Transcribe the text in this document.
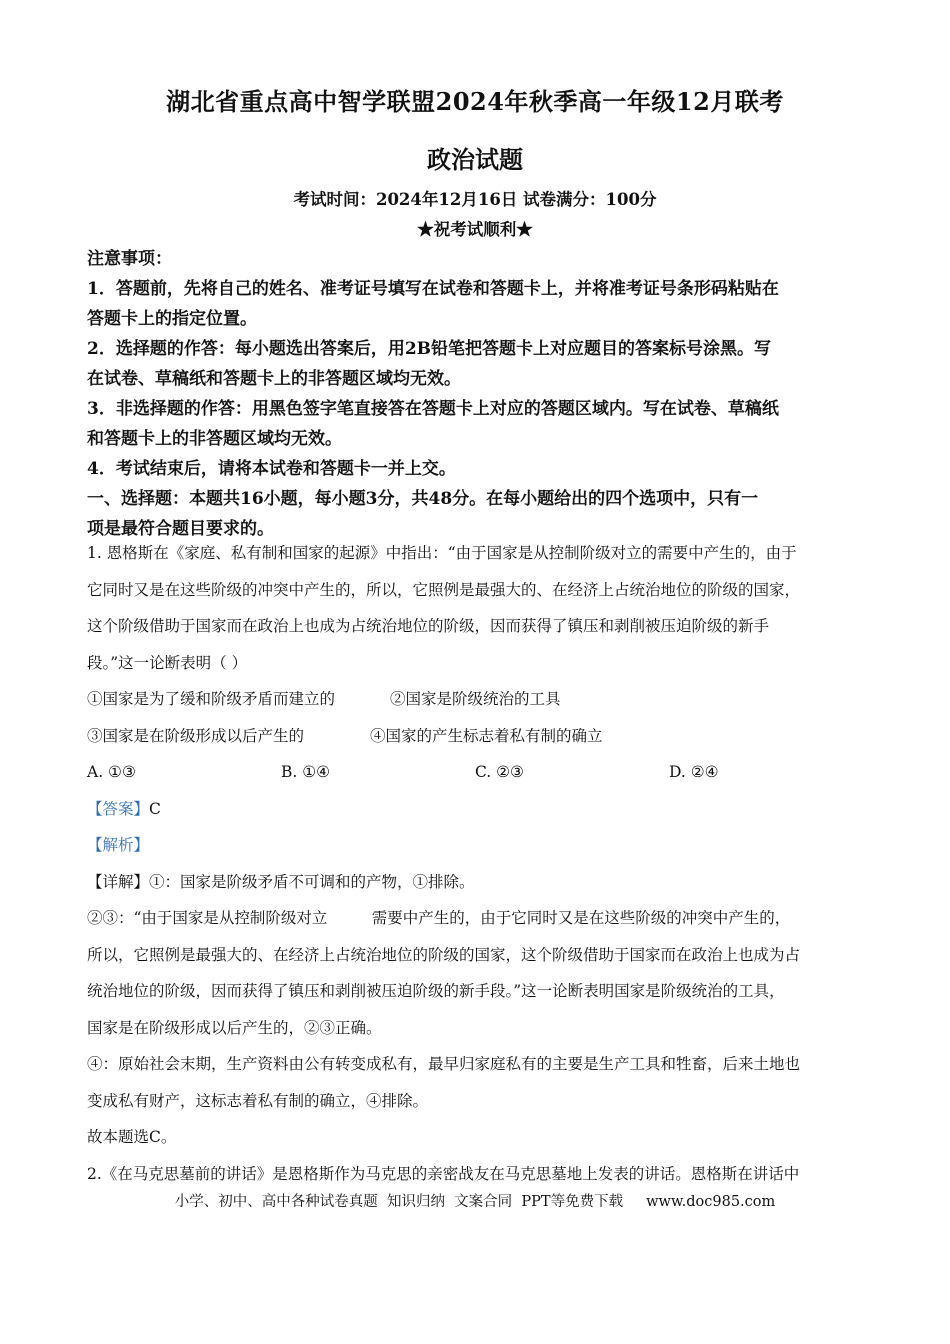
湖北省重点高中智学联盟2024年秋季高一年级12月联考
政治试题
考试时间：2024年12月16日 试卷满分：100分
★祝考试顺利★

注意事项：

1．答题前，先将自己的姓名、准考证号填写在试卷和答题卡上，并将准考证号条形码粘贴在

答题卡上的指定位置。

2．选择题的作答：每小题选出答案后，用2B铅笔把答题卡上对应题目的答案标号涂黑。写

在试卷、草稿纸和答题卡上的非答题区域均无效。

3．非选择题的作答：用黑色签字笔直接答在答题卡上对应的答题区域内。写在试卷、草稿纸

和答题卡上的非答题区域均无效。

4．考试结束后，请将本试卷和答题卡一并上交。

一、选择题：本题共16小题，每小题3分，共48分。在每小题给出的四个选项中，只有一

项是最符合题目要求的。

1. 恩格斯在《家庭、私有制和国家的起源》中指出：“由于国家是从控制阶级对立的需要中产生的，由于

它同时又是在这些阶级的冲突中产生的，所以，它照例是最强大的、在经济上占统治地位的阶级的国家，

这个阶级借助于国家而在政治上也成为占统治地位的阶级，因而获得了镇压和剥削被压迫阶级的新手

段。”这一论断表明（ ）

①国家是为了缓和阶级矛盾而建立的	②国家是阶级统治的工具
③国家是在阶级形成以后产生的	④国家的产生标志着私有制的确立
A. ①③	B. ①④	C. ②③	D. ②④

【答案】C

【解析】

【详解】①：国家是阶级矛盾不可调和的产物，①排除。

②③：“由于国家是从控制阶级对立         需要中产生的，由于它同时又是在这些阶级的冲突中产生的，

所以，它照例是最强大的、在经济上占统治地位的阶级的国家，这个阶级借助于国家而在政治上也成为占

统治地位的阶级，因而获得了镇压和剥削被压迫阶级的新手段。”这一论断表明国家是阶级统治的工具，

国家是在阶级形成以后产生的，②③正确。

④：原始社会末期，生产资料由公有转变成私有，最早归家庭私有的主要是生产工具和牲畜，后来土地也

变成私有财产，这标志着私有制的确立，④排除。

故本题选C。

2.《在马克思墓前的讲话》是恩格斯作为马克思的亲密战友在马克思墓地上发表的讲话。恩格斯在讲话中

小学、初中、高中各种试卷真题  知识归纳  文案合同  PPT等免费下载     www.doc985.com
